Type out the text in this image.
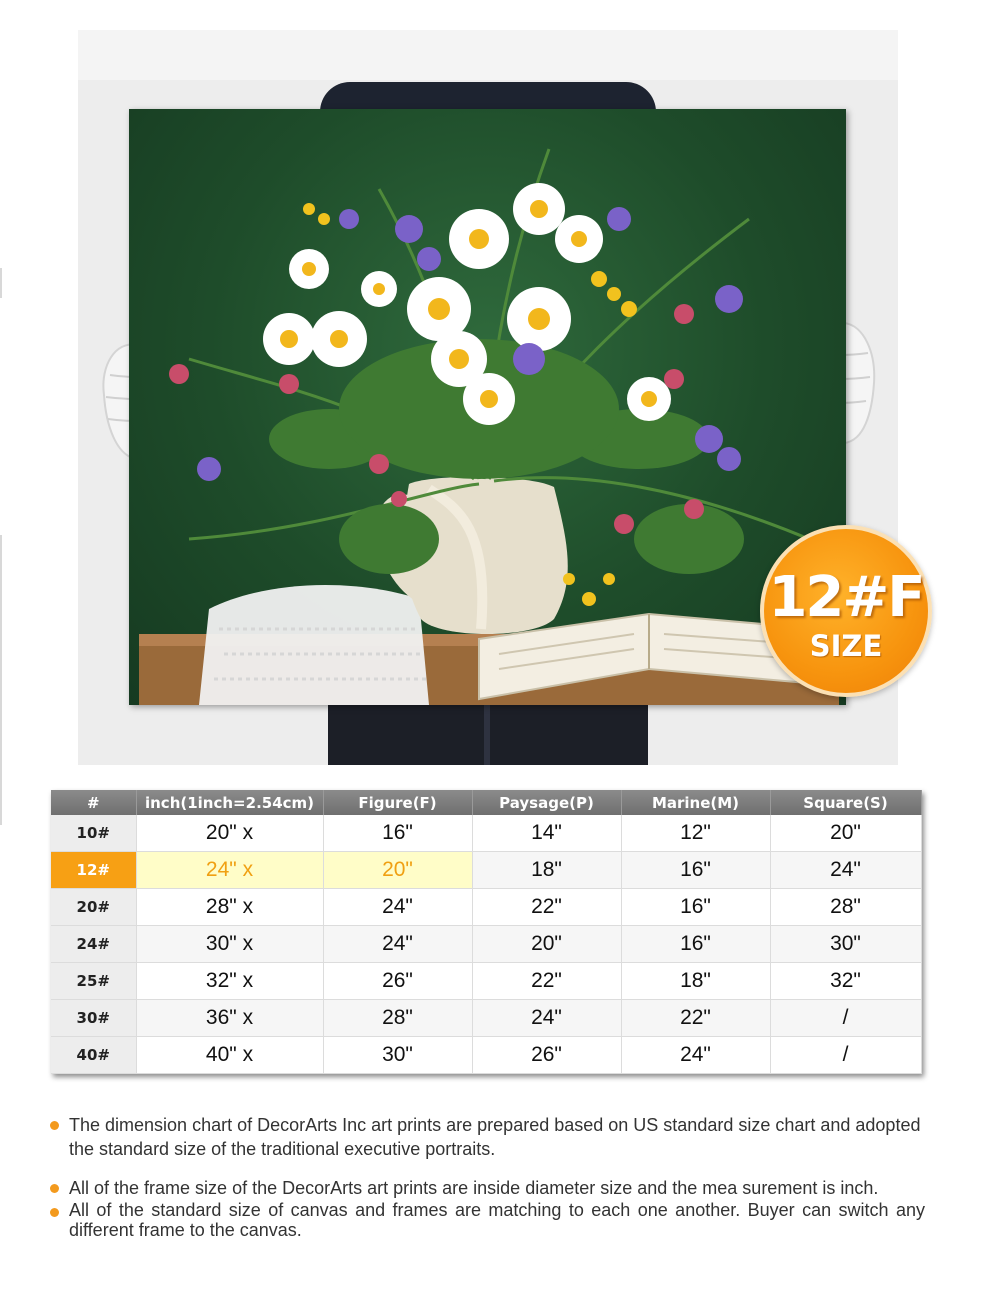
12#F
SIZE
#	inch(1inch=2.54cm)	Figure(F)	Paysage(P)	Marine(M)	Square(S)
10#	20" x	16"	14"	12"	20"
12#	24" x	20"	18"	16"	24"
20#	28" x	24"	22"	16"	28"
24#	30" x	24"	20"	16"	30"
25#	32" x	26"	22"	18"	32"
30#	36" x	28"	24"	22"	/
40#	40" x	30"	26"	24"	/
The dimension chart of DecorArts Inc art prints are prepared based on US standard size chart and adopted the standard size of the traditional executive portraits.
All of the frame size of the DecorArts art prints are inside diameter size and the mea surement is inch.
All of the standard size of canvas and frames are matching to each one another. Buyer can switch any different frame to the canvas.
